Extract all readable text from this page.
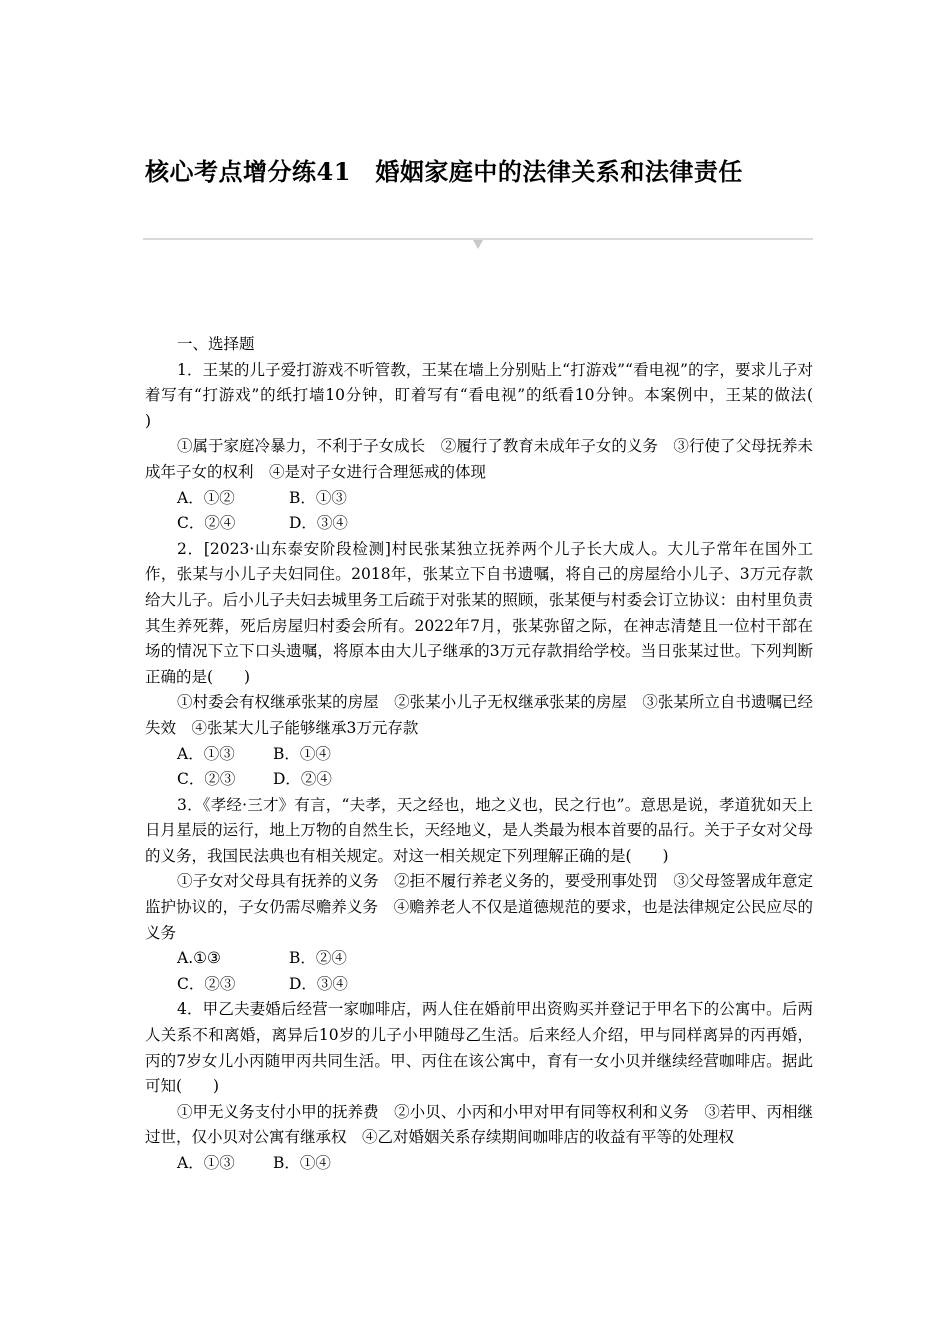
核心考点增分练41　婚姻家庭中的法律关系和法律责任

一、选择题

1．王某的儿子爱打游戏不听管教，王某在墙上分别贴上“打游戏”“看电视”的字，要求儿子对着写有“打游戏”的纸打墙10分钟，盯着写有“看电视”的纸看10分钟。本案例中，王某的做法(　　)

①属于家庭冷暴力，不利于子女成长　②履行了教育未成年子女的义务　③行使了父母抚养未成年子女的权利　④是对子女进行合理惩戒的体现

A．①②	B．①③

C．②④	D．③④

2．[2023·山东泰安阶段检测]村民张某独立抚养两个儿子长大成人。大儿子常年在国外工作，张某与小儿子夫妇同住。2018年，张某立下自书遗嘱，将自己的房屋给小儿子、3万元存款给大儿子。后小儿子夫妇去城里务工后疏于对张某的照顾，张某便与村委会订立协议：由村里负责其生养死葬，死后房屋归村委会所有。2022年7月，张某弥留之际，在神志清楚且一位村干部在场的情况下立下口头遗嘱，将原本由大儿子继承的3万元存款捐给学校。当日张某过世。下列判断正确的是(　　)

①村委会有权继承张某的房屋　②张某小儿子无权继承张某的房屋　③张某所立自书遗嘱已经失效　④张某大儿子能够继承3万元存款

A．①③ B．①④

C．②③ D．②④

3．《孝经·三才》有言，“夫孝，天之经也，地之义也，民之行也”。意思是说，孝道犹如天上日月星辰的运行，地上万物的自然生长，天经地义，是人类最为根本首要的品行。关于子女对父母的义务，我国民法典也有相关规定。对这一相关规定下列理解正确的是(　　)

①子女对父母具有抚养的义务　②拒不履行养老义务的，要受刑事处罚　③父母签署成年意定监护协议的，子女仍需尽赡养义务　④赡养老人不仅是道德规范的要求，也是法律规定公民应尽的义务

A.①③	B．②④

C．②③	D．③④

4．甲乙夫妻婚后经营一家咖啡店，两人住在婚前甲出资购买并登记于甲名下的公寓中。后两人关系不和离婚，离异后10岁的儿子小甲随母乙生活。后来经人介绍，甲与同样离异的丙再婚，丙的7岁女儿小丙随甲丙共同生活。甲、丙住在该公寓中，育有一女小贝并继续经营咖啡店。据此可知(　　)

①甲无义务支付小甲的抚养费　②小贝、小丙和小甲对甲有同等权利和义务　③若甲、丙相继过世，仅小贝对公寓有继承权　④乙对婚姻关系存续期间咖啡店的收益有平等的处理权

A．①③ B．①④
